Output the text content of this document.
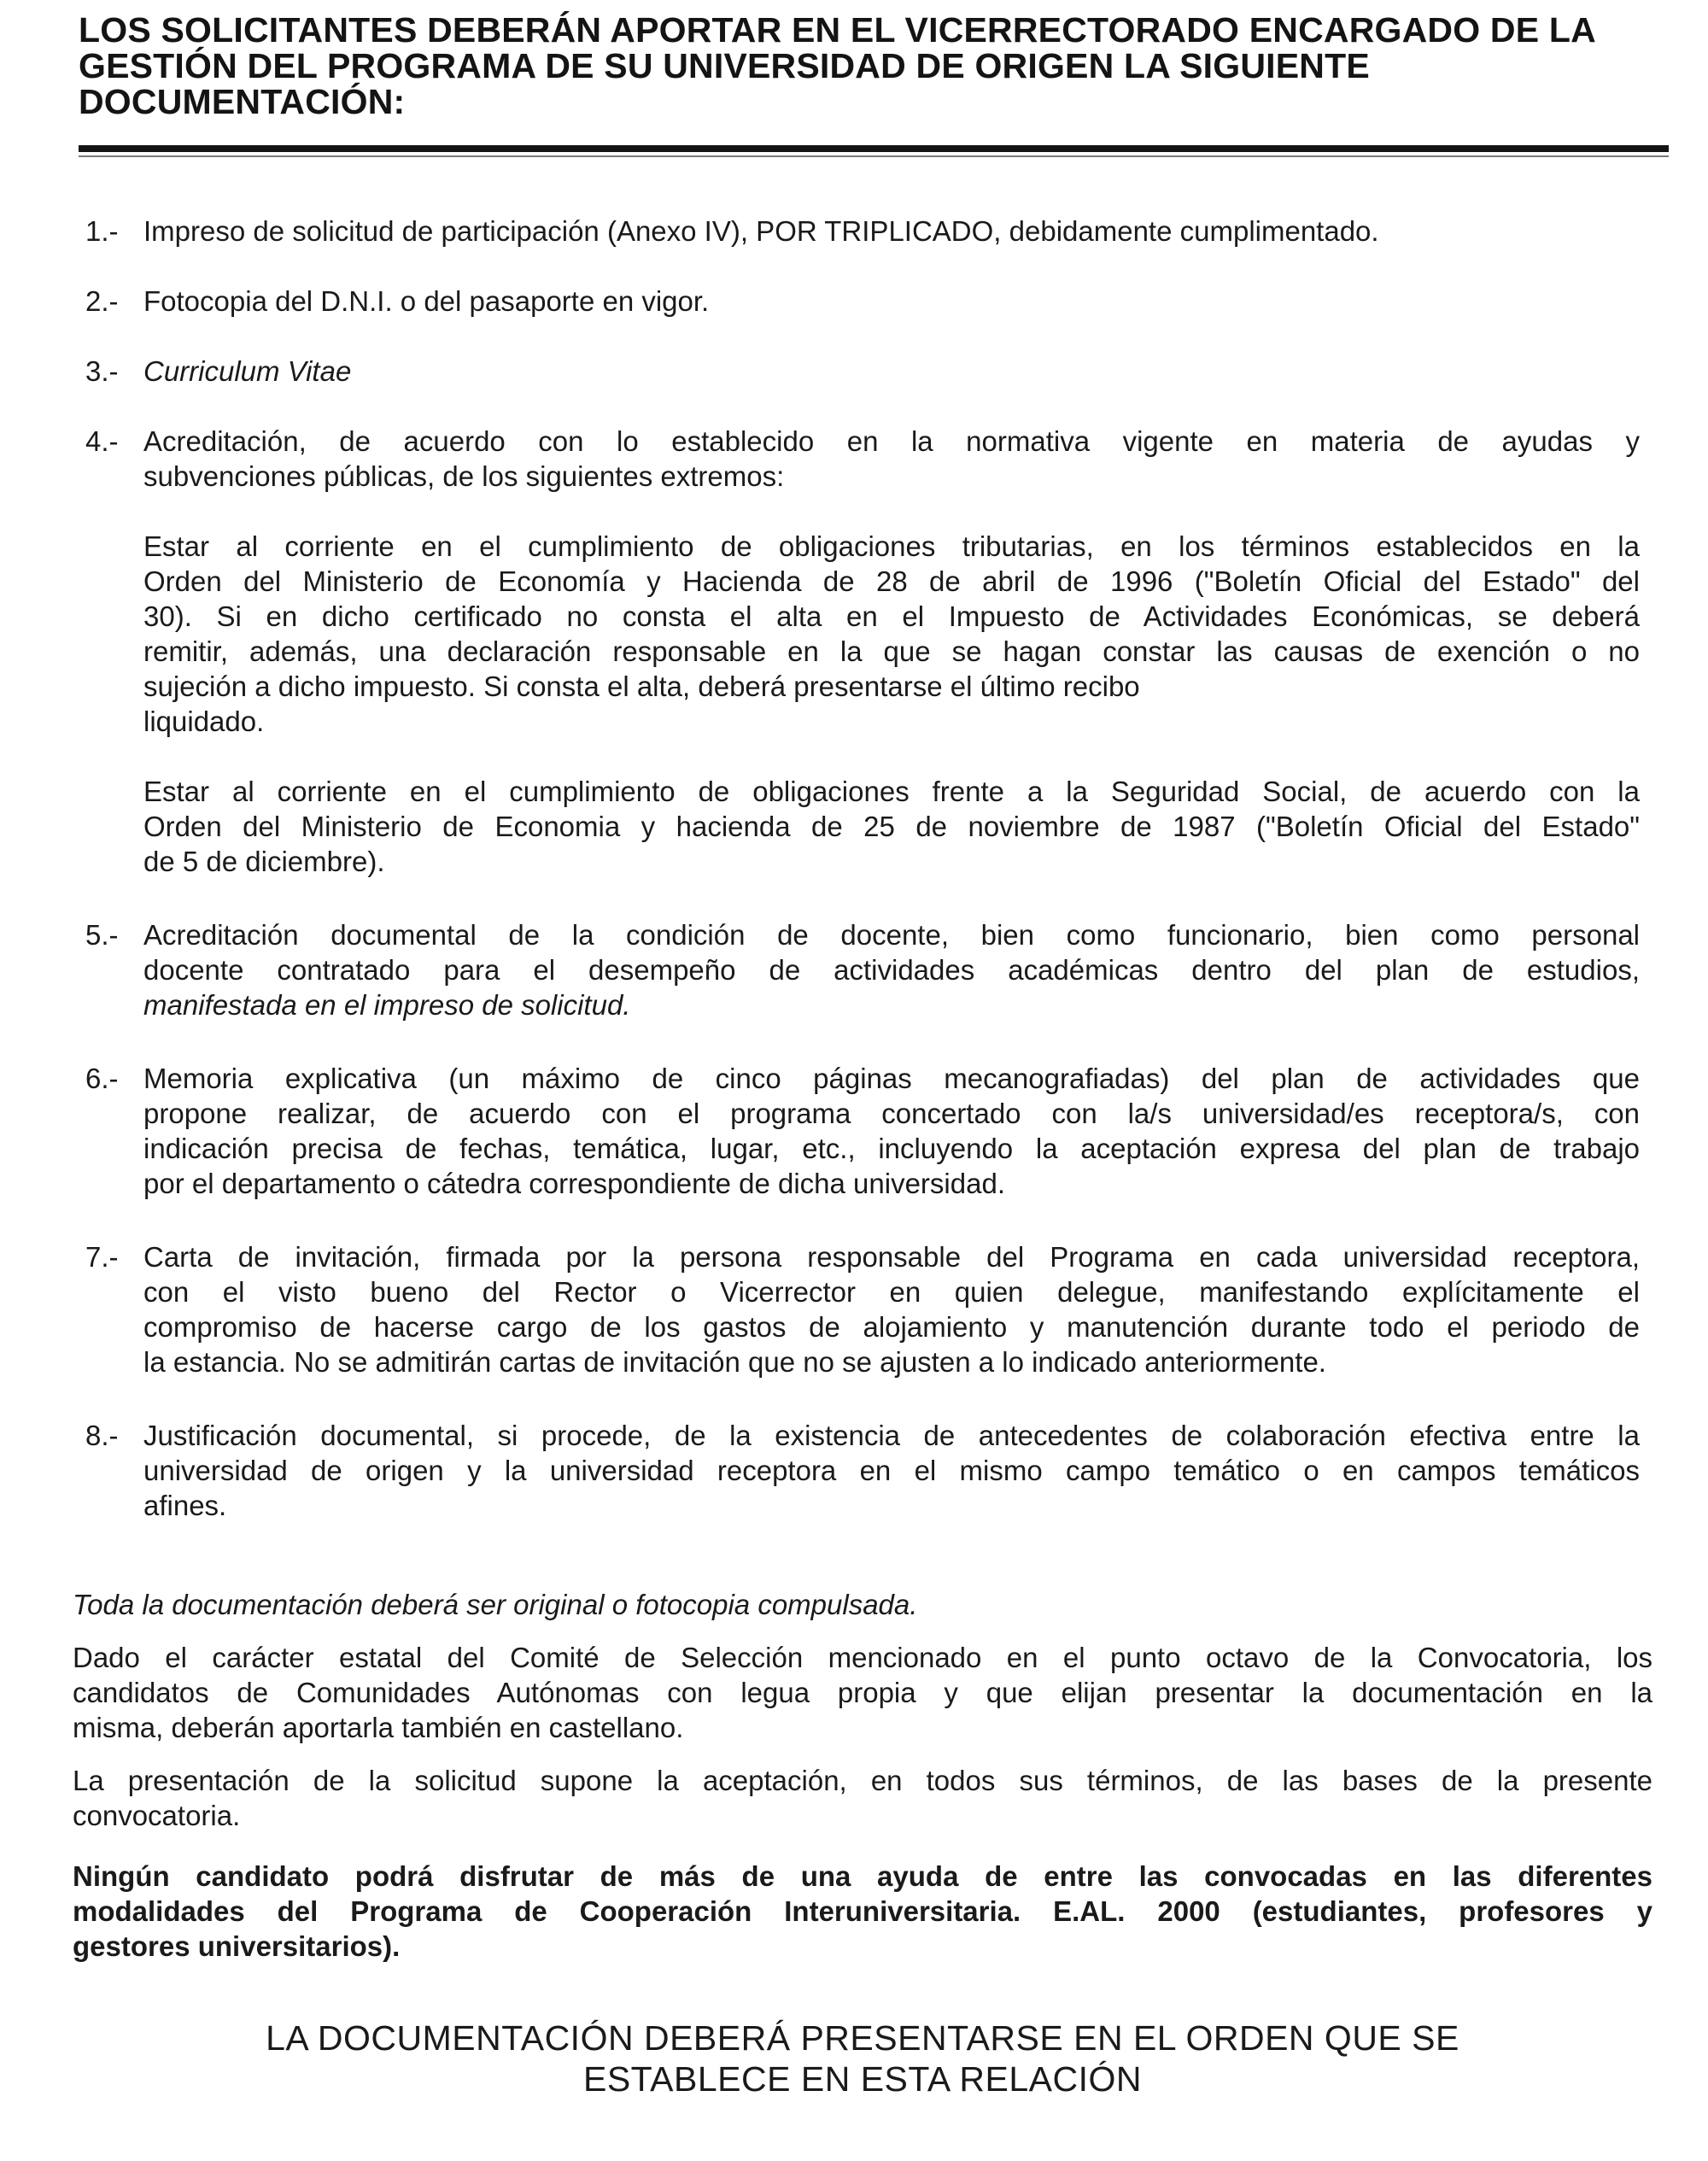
LOS SOLICITANTES DEBERÁN APORTAR EN EL VICERRECTORADO ENCARGADO DE LA GESTIÓN DEL PROGRAMA DE SU UNIVERSIDAD DE ORIGEN LA SIGUIENTE DOCUMENTACIÓN:
1.- Impreso de solicitud de participación (Anexo IV), POR TRIPLICADO, debidamente cumplimentado.
2.- Fotocopia del D.N.I. o del pasaporte en vigor.
3.- Curriculum Vitae
4.- Acreditación, de acuerdo con lo establecido en la normativa vigente en materia de ayudas y
subvenciones públicas, de los siguientes extremos:
Estar al corriente en el cumplimiento de obligaciones tributarias, en los términos establecidos en la
Orden del Ministerio de Economía y Hacienda de 28 de abril de 1996 ("Boletín Oficial del Estado" del
30). Si en dicho certificado no consta el alta en el Impuesto de Actividades Económicas, se deberá
remitir, además, una declaración responsable en la que se hagan constar las causas de exención o no
sujeción a dicho impuesto. Si consta el alta, deberá presentarse el último recibo
liquidado.
Estar al corriente en el cumplimiento de obligaciones frente a la Seguridad Social, de acuerdo con la
Orden del Ministerio de Economia y hacienda de 25 de noviembre de 1987 ("Boletín Oficial del Estado"
de 5 de diciembre).
5.- Acreditación documental de la condición de docente, bien como funcionario, bien como personal
docente contratado para el desempeño de actividades académicas dentro del plan de estudios,
manifestada en el impreso de solicitud.
6.- Memoria explicativa (un máximo de cinco páginas mecanografiadas) del plan de actividades que
propone realizar, de acuerdo con el programa concertado con la/s universidad/es receptora/s, con
indicación precisa de fechas, temática, lugar, etc., incluyendo la aceptación expresa del plan de trabajo
por el departamento o cátedra correspondiente de dicha universidad.
7.- Carta de invitación, firmada por la persona responsable del Programa en cada universidad receptora,
con el visto bueno del Rector o Vicerrector en quien delegue, manifestando explícitamente el
compromiso de hacerse cargo de los gastos de alojamiento y manutención durante todo el periodo de
la estancia. No se admitirán cartas de invitación que no se ajusten a lo indicado anteriormente.
8.- Justificación documental, si procede, de la existencia de antecedentes de colaboración efectiva entre la
universidad de origen y la universidad receptora en el mismo campo temático o en campos temáticos
afines.

Toda la documentación deberá ser original o fotocopia compulsada.

Dado el carácter estatal del Comité de Selección mencionado en el punto octavo de la Convocatoria, los
candidatos de Comunidades Autónomas con legua propia y que elijan presentar la documentación en la
misma, deberán aportarla también en castellano.

La presentación de la solicitud supone la aceptación, en todos sus términos, de las bases de la presente
convocatoria.

Ningún candidato podrá disfrutar de más de una ayuda de entre las convocadas en las diferentes
modalidades del Programa de Cooperación Interuniversitaria. E.AL. 2000 (estudiantes, profesores y
gestores universitarios).

LA DOCUMENTACIÓN DEBERÁ PRESENTARSE EN EL ORDEN QUE SE
ESTABLECE EN ESTA RELACIÓN
